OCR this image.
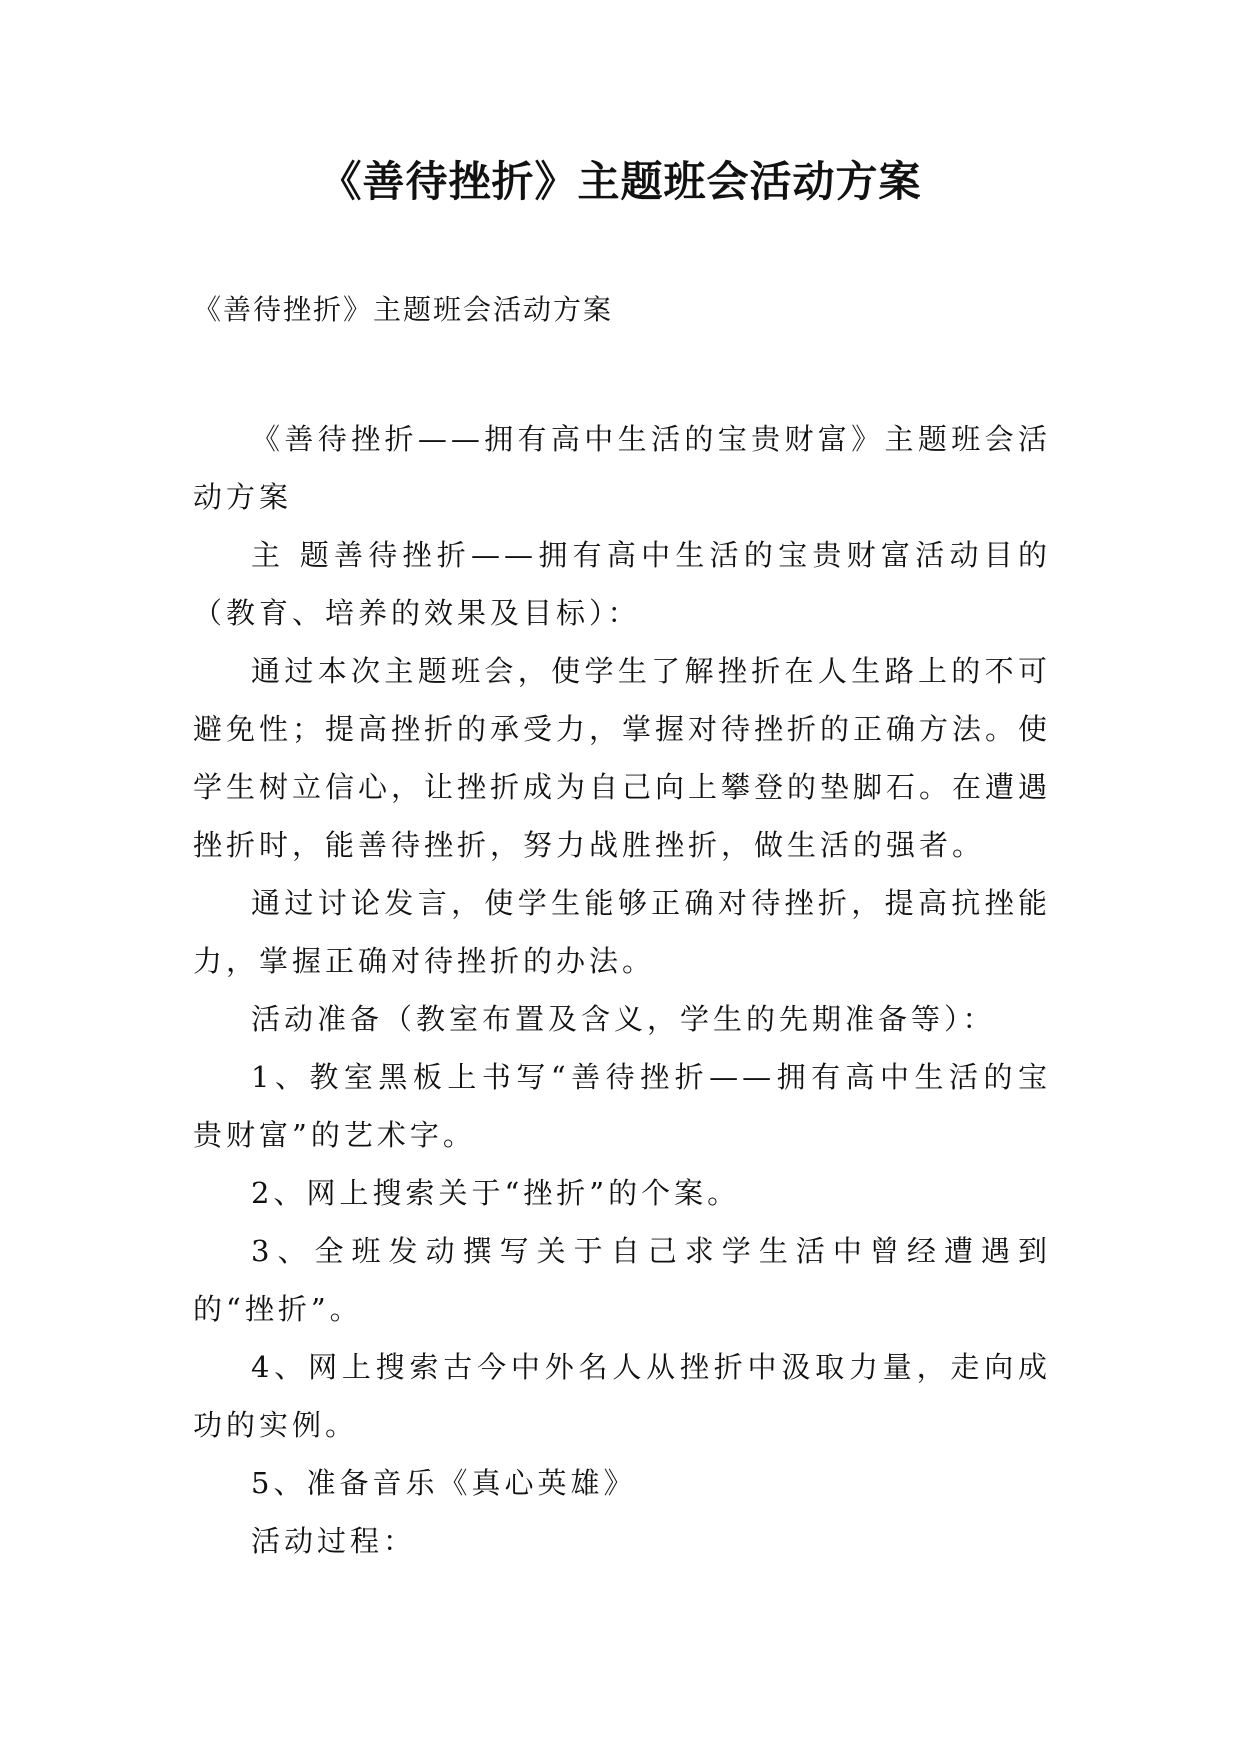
《善待挫折》主题班会活动方案

《善待挫折》主题班会活动方案

《善待挫折——拥有高中生活的宝贵财富》主题班会活动方案

主 题善待挫折——拥有高中生活的宝贵财富活动目的（教育、培养的效果及目标）：

通过本次主题班会，使学生了解挫折在人生路上的不可避免性；提高挫折的承受力，掌握对待挫折的正确方法。使学生树立信心，让挫折成为自己向上攀登的垫脚石。在遭遇挫折时，能善待挫折，努力战胜挫折，做生活的强者。

通过讨论发言，使学生能够正确对待挫折，提高抗挫能力，掌握正确对待挫折的办法。

活动准备（教室布置及含义，学生的先期准备等）：

1、教室黑板上书写“善待挫折——拥有高中生活的宝贵财富”的艺术字。

2、网上搜索关于“挫折”的个案。

3、全班发动撰写关于自己求学生活中曾经遭遇到的“挫折”。

4、网上搜索古今中外名人从挫折中汲取力量，走向成功的实例。

5、准备音乐《真心英雄》

活动过程：
